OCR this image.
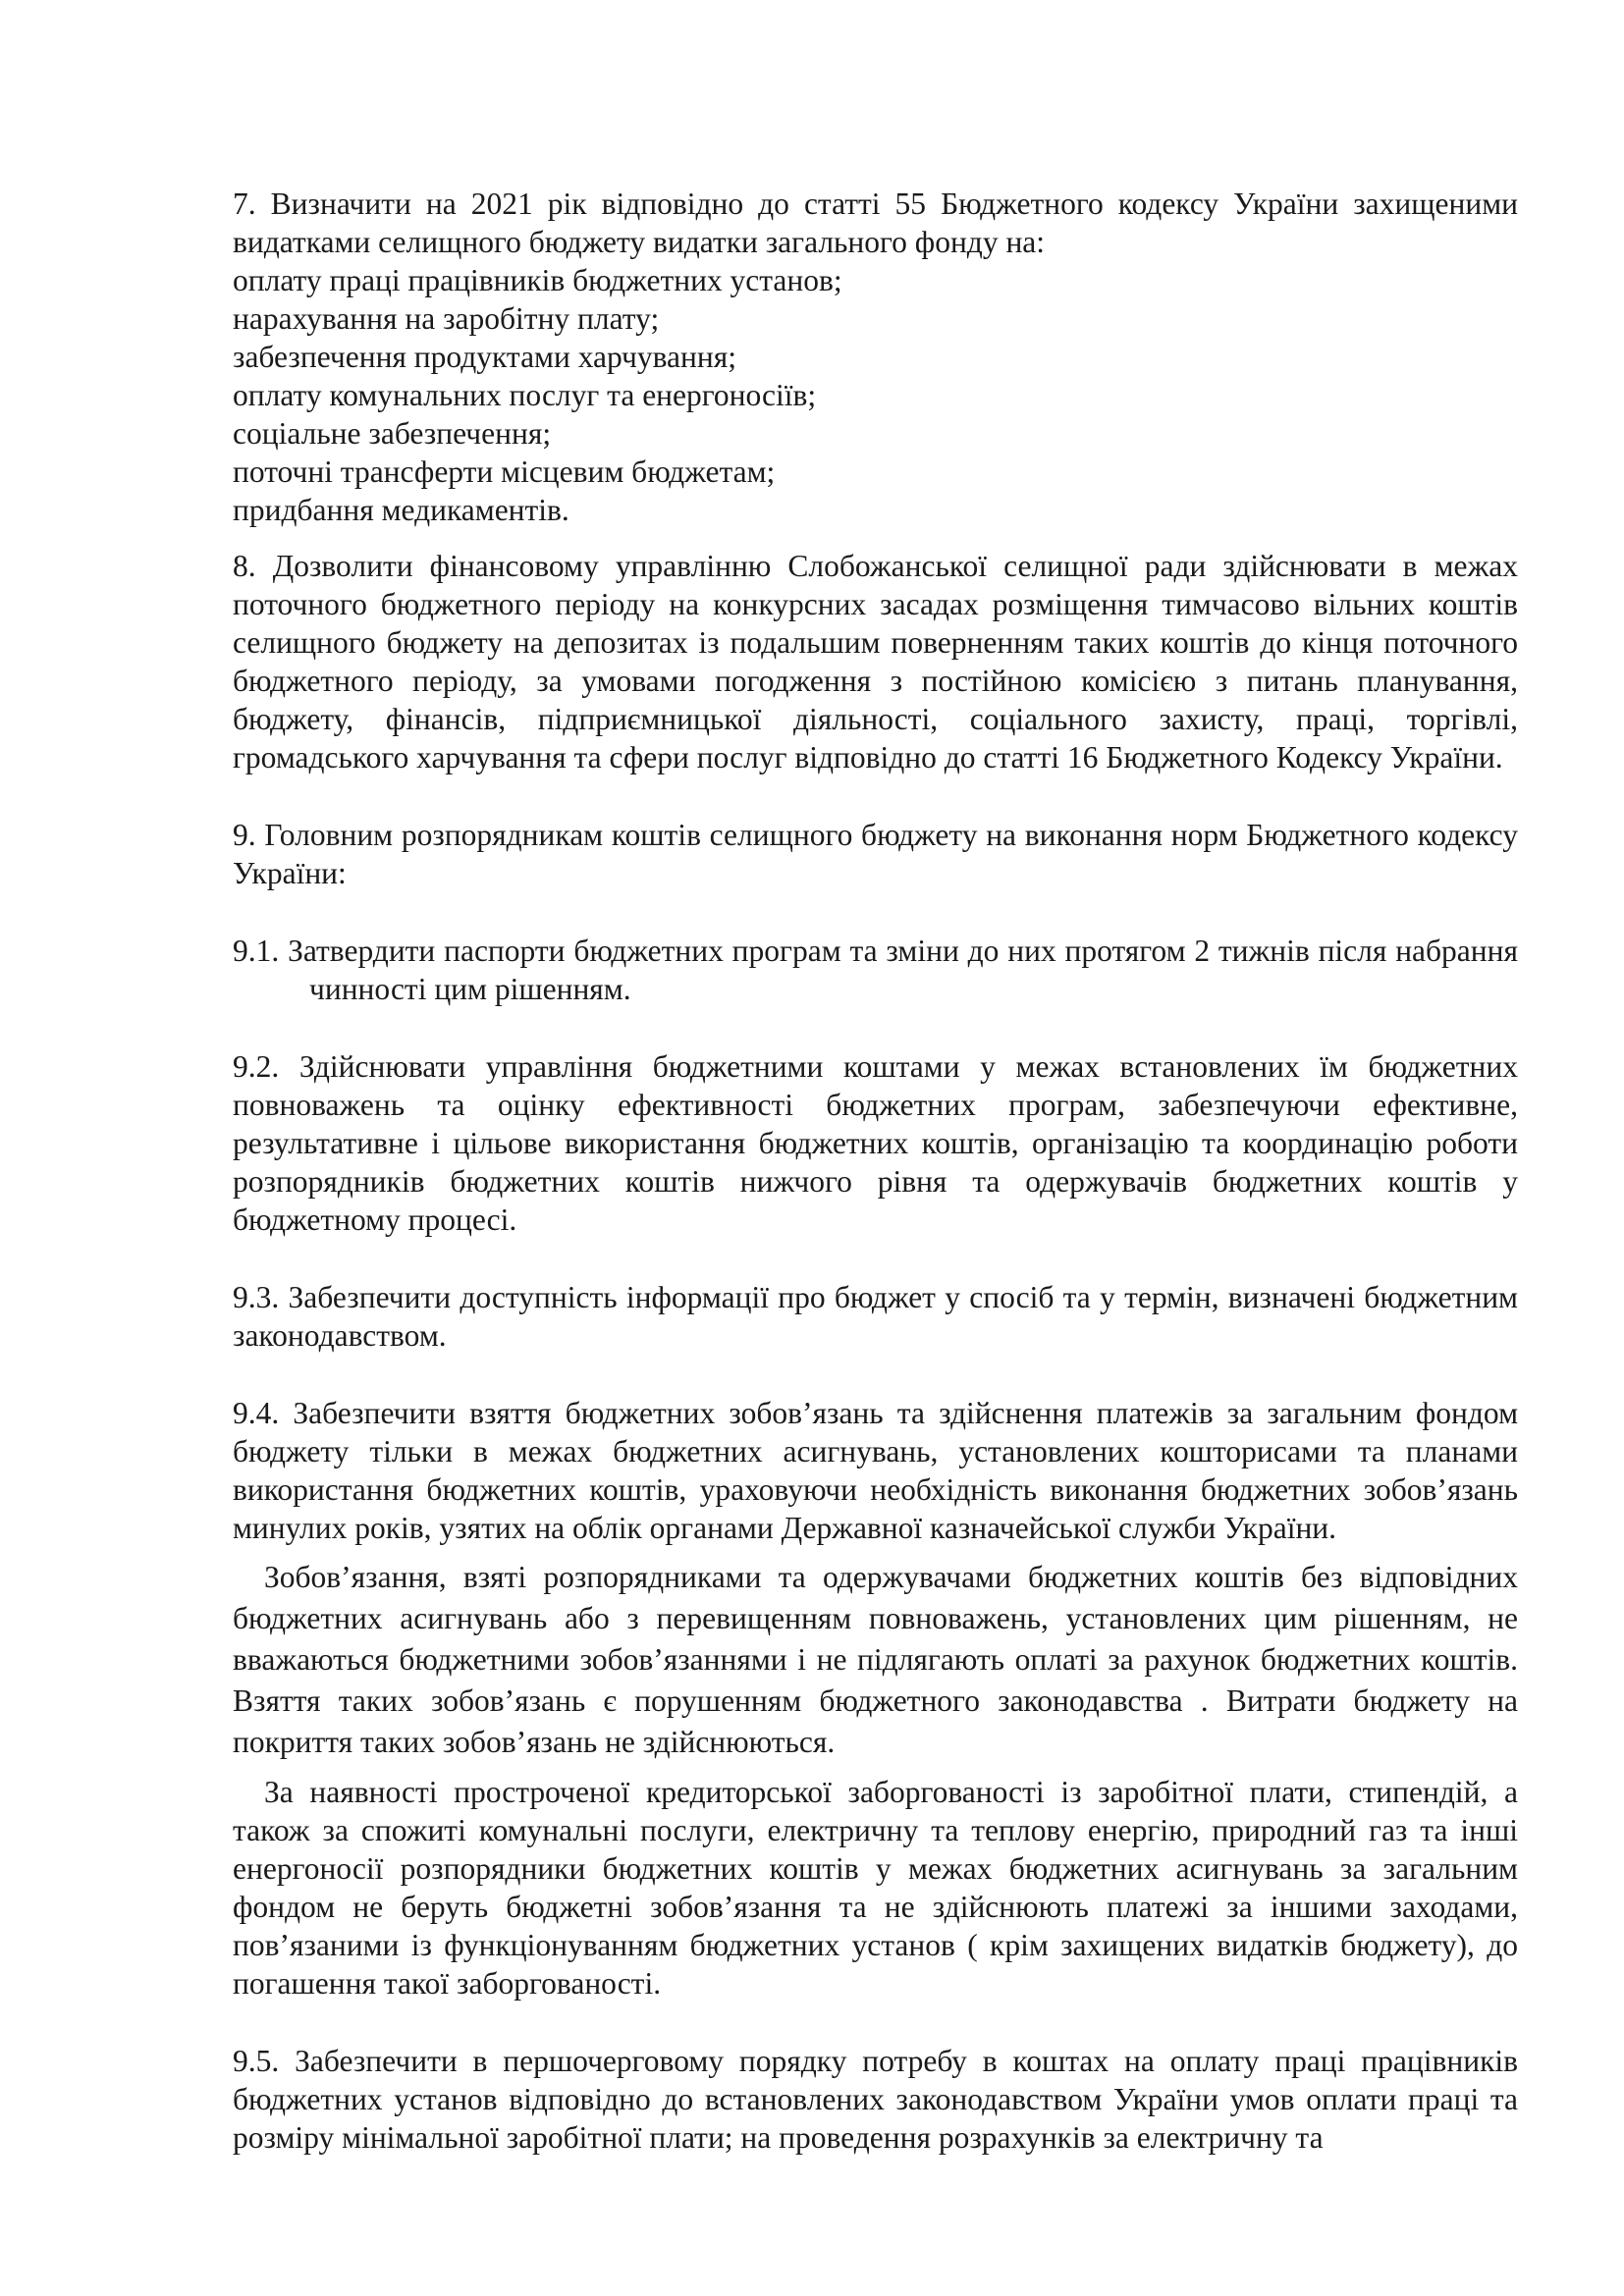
7. Визначити на 2021 рік відповідно до статті 55 Бюджетного кодексу України захищеними видатками селищного бюджету видатки загального фонду на:

оплату праці працівників бюджетних установ;
нарахування на заробітну плату;
забезпечення продуктами харчування;
оплату комунальних послуг та енергоносіїв;
соціальне забезпечення;
поточні трансферти місцевим бюджетам;
придбання медикаментів.

8. Дозволити фінансовому управлінню Слобожанської селищної ради здійснювати в межах поточного бюджетного періоду на конкурсних засадах розміщення тимчасово вільних коштів селищного бюджету на депозитах із подальшим поверненням таких коштів до кінця поточного бюджетного періоду, за умовами погодження з постійною комісією з питань планування, бюджету, фінансів, підприємницької діяльності, соціального захисту, праці, торгівлі, громадського харчування та сфери послуг відповідно до статті 16 Бюджетного Кодексу України.

9. Головним розпорядникам коштів селищного бюджету на виконання норм Бюджетного кодексу України:

9.1. Затвердити паспорти бюджетних програм та зміни до них протягом 2 тижнів після набрання чинності цим рішенням.

9.2. Здійснювати управління бюджетними коштами у межах встановлених їм бюджетних повноважень та оцінку ефективності бюджетних програм, забезпечуючи ефективне, результативне і цільове використання бюджетних коштів, організацію та координацію роботи розпорядників бюджетних коштів нижчого рівня та одержувачів бюджетних коштів у бюджетному процесі.

9.3. Забезпечити доступність інформації про бюджет у спосіб та у термін, визначені бюджетним законодавством.

9.4. Забезпечити взяття бюджетних зобов’язань та здійснення платежів за загальним фондом бюджету тільки в межах бюджетних асигнувань, установлених кошторисами та планами використання бюджетних коштів, ураховуючи необхідність виконання бюджетних зобов’язань минулих років, узятих на облік органами Державної казначейської служби України.

Зобов’язання, взяті розпорядниками та одержувачами бюджетних коштів без відповідних бюджетних асигнувань або з перевищенням повноважень, установлених цим рішенням, не вважаються бюджетними зобов’язаннями і не підлягають оплаті за рахунок бюджетних коштів. Взяття таких зобов’язань є порушенням бюджетного законодавства . Витрати бюджету на покриття таких зобов’язань не здійснюються.

За наявності простроченої кредиторської заборгованості із заробітної плати, стипендій, а також за спожиті комунальні послуги, електричну та теплову енергію, природний газ та інші енергоносії розпорядники бюджетних коштів у межах бюджетних асигнувань за загальним фондом не беруть бюджетні зобов’язання та не здійснюють платежі за іншими заходами, пов’язаними із функціонуванням бюджетних установ ( крім захищених видатків бюджету), до погашення такої заборгованості.

9.5. Забезпечити в першочерговому порядку потребу в коштах на оплату праці працівників бюджетних установ відповідно до встановлених законодавством України умов оплати праці та розміру мінімальної заробітної плати; на проведення розрахунків за електричну та
